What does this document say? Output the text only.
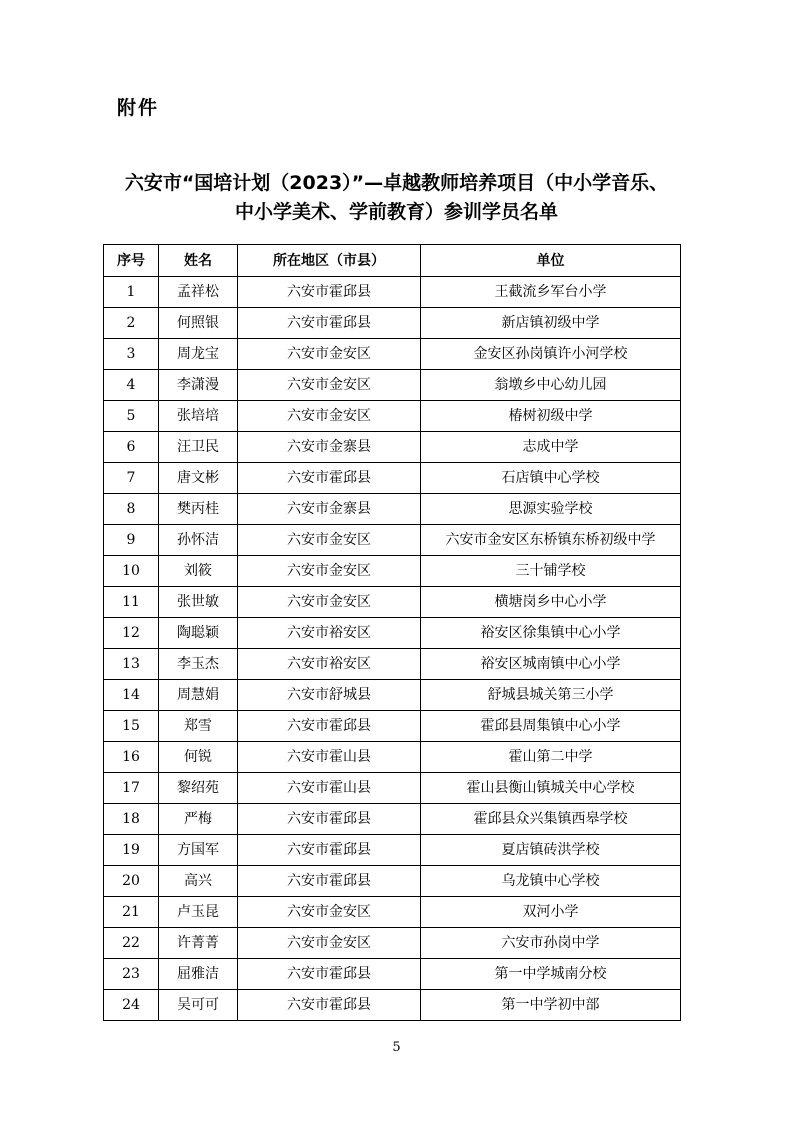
附件
六安市“国培计划（2023）”—卓越教师培养项目（中小学音乐、
中小学美术、学前教育）参训学员名单
序号	姓名	所在地区（市县）	单位
1	孟祥松	六安市霍邱县	王截流乡军台小学
2	何照银	六安市霍邱县	新店镇初级中学
3	周龙宝	六安市金安区	金安区孙岗镇许小河学校
4	李潇漫	六安市金安区	翁墩乡中心幼儿园
5	张培培	六安市金安区	椿树初级中学
6	汪卫民	六安市金寨县	志成中学
7	唐文彬	六安市霍邱县	石店镇中心学校
8	樊丙桂	六安市金寨县	思源实验学校
9	孙怀洁	六安市金安区	六安市金安区东桥镇东桥初级中学
10	刘筱	六安市金安区	三十铺学校
11	张世敏	六安市金安区	横塘岗乡中心小学
12	陶聪颖	六安市裕安区	裕安区徐集镇中心小学
13	李玉杰	六安市裕安区	裕安区城南镇中心小学
14	周慧娟	六安市舒城县	舒城县城关第三小学
15	郑雪	六安市霍邱县	霍邱县周集镇中心小学
16	何锐	六安市霍山县	霍山第二中学
17	黎绍苑	六安市霍山县	霍山县衡山镇城关中心学校
18	严梅	六安市霍邱县	霍邱县众兴集镇西皋学校
19	方国军	六安市霍邱县	夏店镇砖洪学校
20	高兴	六安市霍邱县	乌龙镇中心学校
21	卢玉昆	六安市金安区	双河小学
22	许菁菁	六安市金安区	六安市孙岗中学
23	屈雅洁	六安市霍邱县	第一中学城南分校
24	吴可可	六安市霍邱县	第一中学初中部
5
